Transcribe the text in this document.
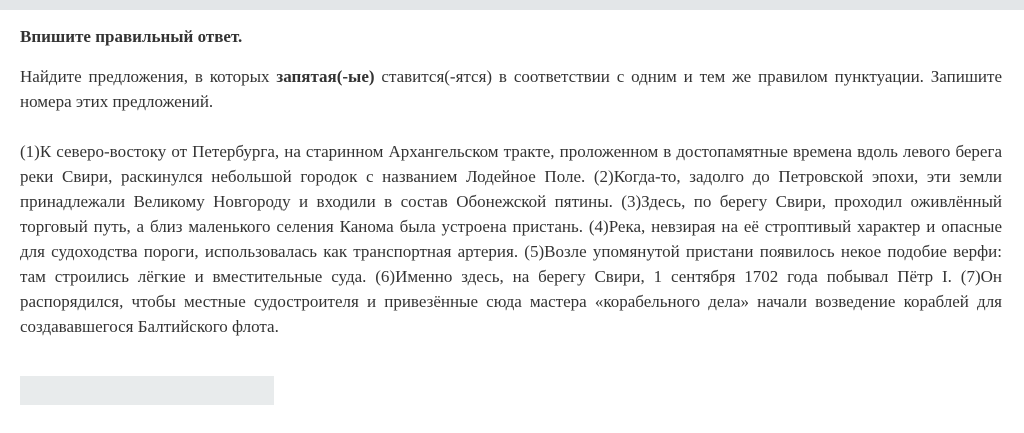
Впишите правильный ответ.

Найдите предложения, в которых запятая(-ые) ставится(-ятся) в соответствии с одним и тем же правилом пунктуации. Запишите номера этих предложений.

(1)К северо-востоку от Петербурга, на старинном Архангельском тракте, проложенном в достопамятные времена вдоль левого берега реки Свири, раскинулся небольшой городок с названием Лодейное Поле. (2)Когда-то, задолго до Петровской эпохи, эти земли принадлежали Великому Новгороду и входили в состав Обонежской пятины. (3)Здесь, по берегу Свири, проходил оживлённый торговый путь, а близ маленького селения Канома была устроена пристань. (4)Река, невзирая на её строптивый характер и опасные для судоходства пороги, использовалась как транспортная артерия. (5)Возле упомянутой пристани появилось некое подобие верфи: там строились лёгкие и вместительные суда. (6)Именно здесь, на берегу Свири, 1 сентября 1702 года побывал Пётр I. (7)Он распорядился, чтобы местные судостроителя и привезённые сюда мастера «корабельного дела» начали возведение кораблей для создававшегося Балтийского флота.
